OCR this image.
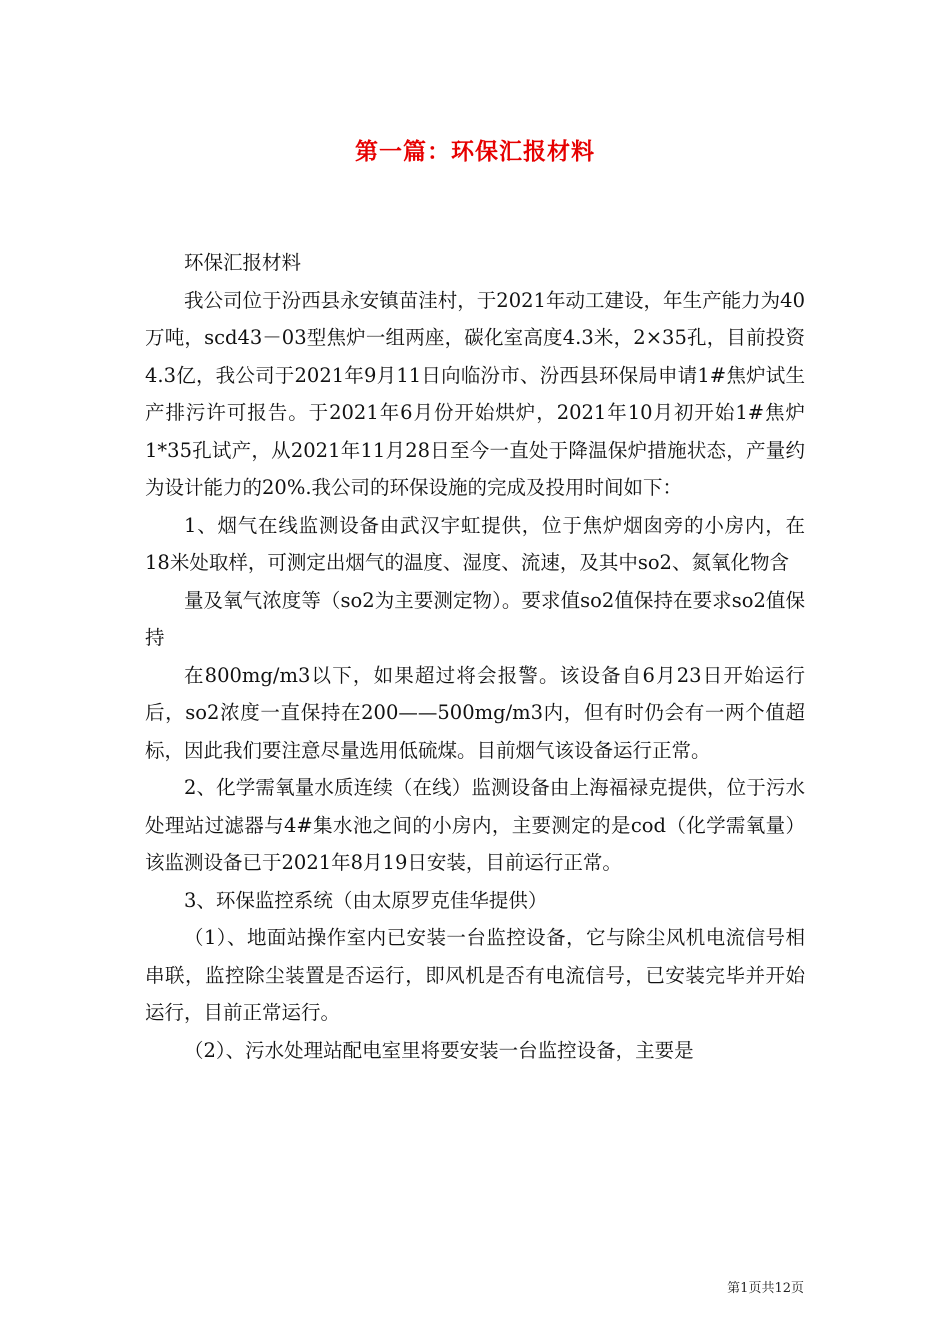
第一篇：环保汇报材料

环保汇报材料

我公司位于汾西县永安镇苗洼村，于2021年动工建设，年生产能力为40万吨，scd43－03型焦炉一组两座，碳化室高度4.3米，2×35孔，目前投资4.3亿，我公司于2021年9月11日向临汾市、汾西县环保局申请1#焦炉试生产排污许可报告。于2021年6月份开始烘炉，2021年10月初开始1#焦炉1*35孔试产，从2021年11月28日至今一直处于降温保炉措施状态，产量约为设计能力的20%.我公司的环保设施的完成及投用时间如下：

1、烟气在线监测设备由武汉宇虹提供，位于焦炉烟囱旁的小房内，在18米处取样，可测定出烟气的温度、湿度、流速，及其中so2、氮氧化物含

量及氧气浓度等（so2为主要测定物）。要求值so2值保持在要求so2值保持

在800mg/m3以下，如果超过将会报警。该设备自6月23日开始运行后，so2浓度一直保持在200——500mg/m3内，但有时仍会有一两个值超标，因此我们要注意尽量选用低硫煤。目前烟气该设备运行正常。

2、化学需氧量水质连续（在线）监测设备由上海福禄克提供，位于污水处理站过滤器与4#集水池之间的小房内，主要测定的是cod（化学需氧量）该监测设备已于2021年8月19日安装，目前运行正常。

3、环保监控系统（由太原罗克佳华提供）

（1）、地面站操作室内已安装一台监控设备，它与除尘风机电流信号相串联，监控除尘装置是否运行，即风机是否有电流信号，已安装完毕并开始运行，目前正常运行。

（2）、污水处理站配电室里将要安装一台监控设备，主要是

第1页共12页
